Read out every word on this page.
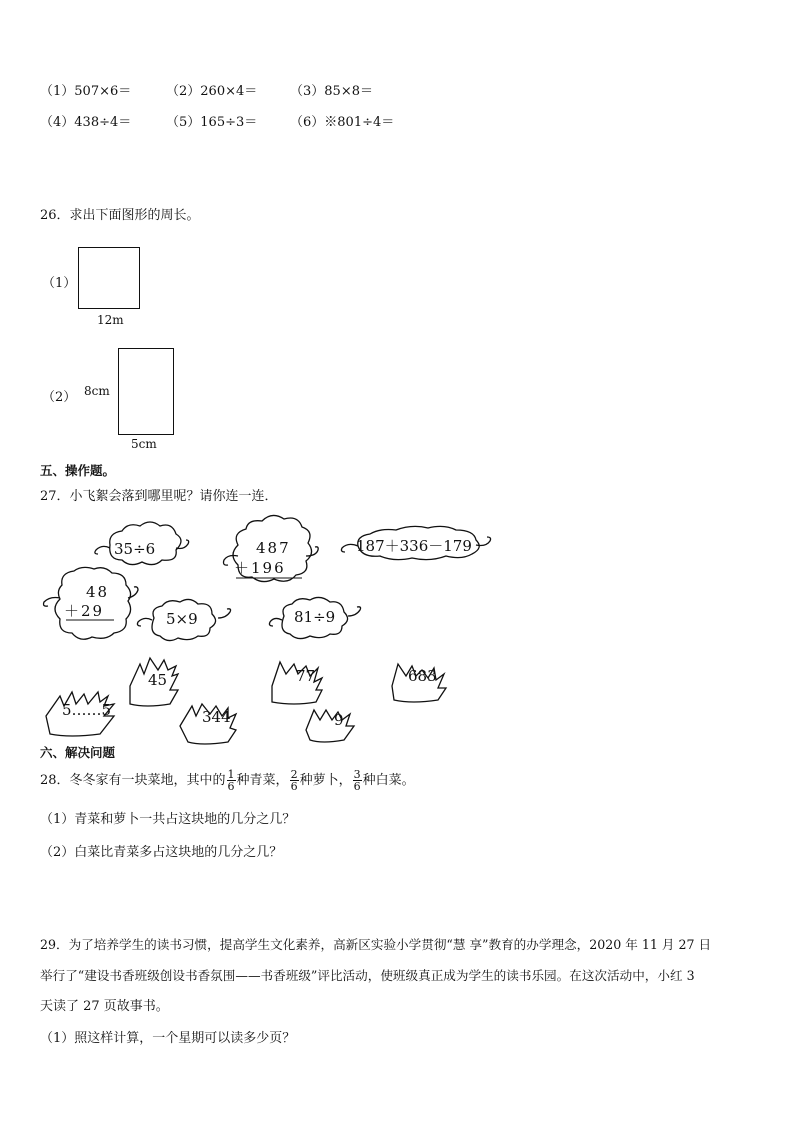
（1）507×6＝	（2）260×4＝	（3）85×8＝
（4）438÷4＝	（5）165÷3＝	（6）※801÷4＝
26．求出下面图形的周长。
（1）
12m
（2） 8cm
5cm
五、操作题。
27．小飞絮会落到哪里呢？请你连一连．
35÷6	487
＋196
187＋336－179
48
＋29	5×9	81÷9
45	77	683
5……5	344	9
六、解决问题
28．冬冬家有一块菜地，其中的 $\frac{1}{6}$ 种青菜， $\frac{2}{6}$ 种萝卜， $\frac{3}{6}$ 种白菜。
（1）青菜和萝卜一共占这块地的几分之几？
（2）白菜比青菜多占这块地的几分之几？
29．为了培养学生的读书习惯，提高学生文化素养，高新区实验小学贯彻“慧 享”教育的办学理念，2020 年 11 月 27 日
举行了“建设书香班级创设书香氛围——书香班级”评比活动，使班级真正成为学生的读书乐园。在这次活动中，小红 3
天读了 27 页故事书。
（1）照这样计算，一个星期可以读多少页？
